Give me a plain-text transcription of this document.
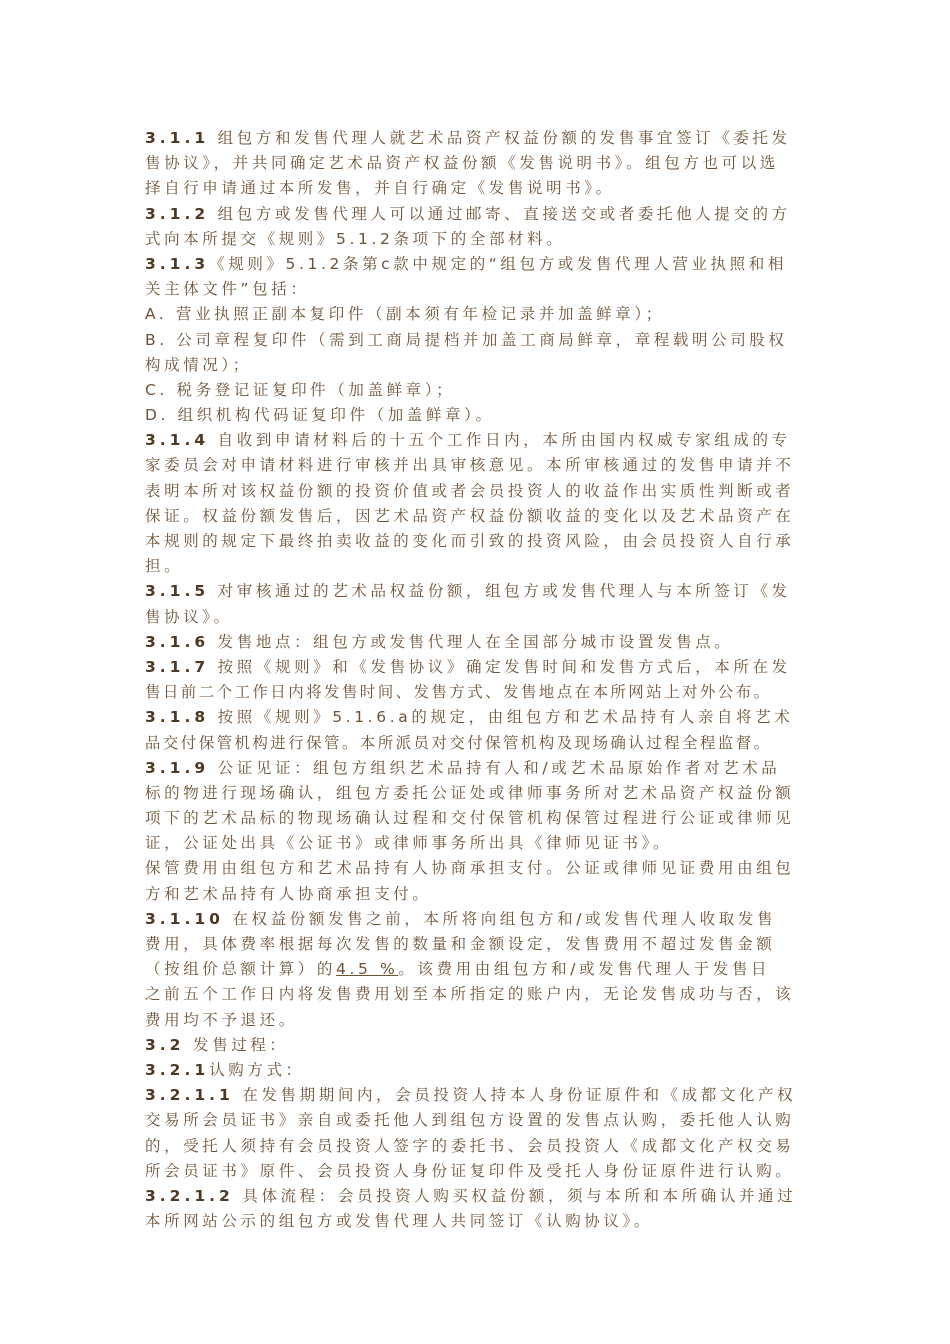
3.1.1 组包方和发售代理人就艺术品资产权益份额的发售事宜签订《委托发
售协议》，并共同确定艺术品资产权益份额《发售说明书》。组包方也可以选
择自行申请通过本所发售，并自行确定《发售说明书》。
3.1.2 组包方或发售代理人可以通过邮寄、直接送交或者委托他人提交的方
式向本所提交《规则》5.1.2条项下的全部材料。
3.1.3《规则》5.1.2条第c款中规定的“组包方或发售代理人营业执照和相
关主体文件”包括：
A. 营业执照正副本复印件（副本须有年检记录并加盖鲜章）；
B. 公司章程复印件（需到工商局提档并加盖工商局鲜章，章程载明公司股权
构成情况）；
C. 税务登记证复印件（加盖鲜章）；
D. 组织机构代码证复印件（加盖鲜章）。
3.1.4 自收到申请材料后的十五个工作日内，本所由国内权威专家组成的专
家委员会对申请材料进行审核并出具审核意见。本所审核通过的发售申请并不
表明本所对该权益份额的投资价值或者会员投资人的收益作出实质性判断或者
保证。权益份额发售后，因艺术品资产权益份额收益的变化以及艺术品资产在
本规则的规定下最终拍卖收益的变化而引致的投资风险，由会员投资人自行承
担。
3.1.5 对审核通过的艺术品权益份额，组包方或发售代理人与本所签订《发
售协议》。
3.1.6 发售地点：组包方或发售代理人在全国部分城市设置发售点。
3.1.7 按照《规则》和《发售协议》确定发售时间和发售方式后，本所在发
售日前二个工作日内将发售时间、发售方式、发售地点在本所网站上对外公布。
3.1.8 按照《规则》5.1.6.a的规定，由组包方和艺术品持有人亲自将艺术
品交付保管机构进行保管。本所派员对交付保管机构及现场确认过程全程监督。
3.1.9 公证见证：组包方组织艺术品持有人和/或艺术品原始作者对艺术品
标的物进行现场确认，组包方委托公证处或律师事务所对艺术品资产权益份额
项下的艺术品标的物现场确认过程和交付保管机构保管过程进行公证或律师见
证，公证处出具《公证书》或律师事务所出具《律师见证书》。
保管费用由组包方和艺术品持有人协商承担支付。公证或律师见证费用由组包
方和艺术品持有人协商承担支付。
3.1.10 在权益份额发售之前，本所将向组包方和/或发售代理人收取发售
费用，具体费率根据每次发售的数量和金额设定，发售费用不超过发售金额
（按组价总额计算）的4.5 %。该费用由组包方和/或发售代理人于发售日
之前五个工作日内将发售费用划至本所指定的账户内，无论发售成功与否，该
费用均不予退还。
3.2 发售过程：
3.2.1认购方式：
3.2.1.1 在发售期期间内，会员投资人持本人身份证原件和《成都文化产权
交易所会员证书》亲自或委托他人到组包方设置的发售点认购，委托他人认购
的，受托人须持有会员投资人签字的委托书、会员投资人《成都文化产权交易
所会员证书》原件、会员投资人身份证复印件及受托人身份证原件进行认购。
3.2.1.2 具体流程：会员投资人购买权益份额，须与本所和本所确认并通过
本所网站公示的组包方或发售代理人共同签订《认购协议》。
